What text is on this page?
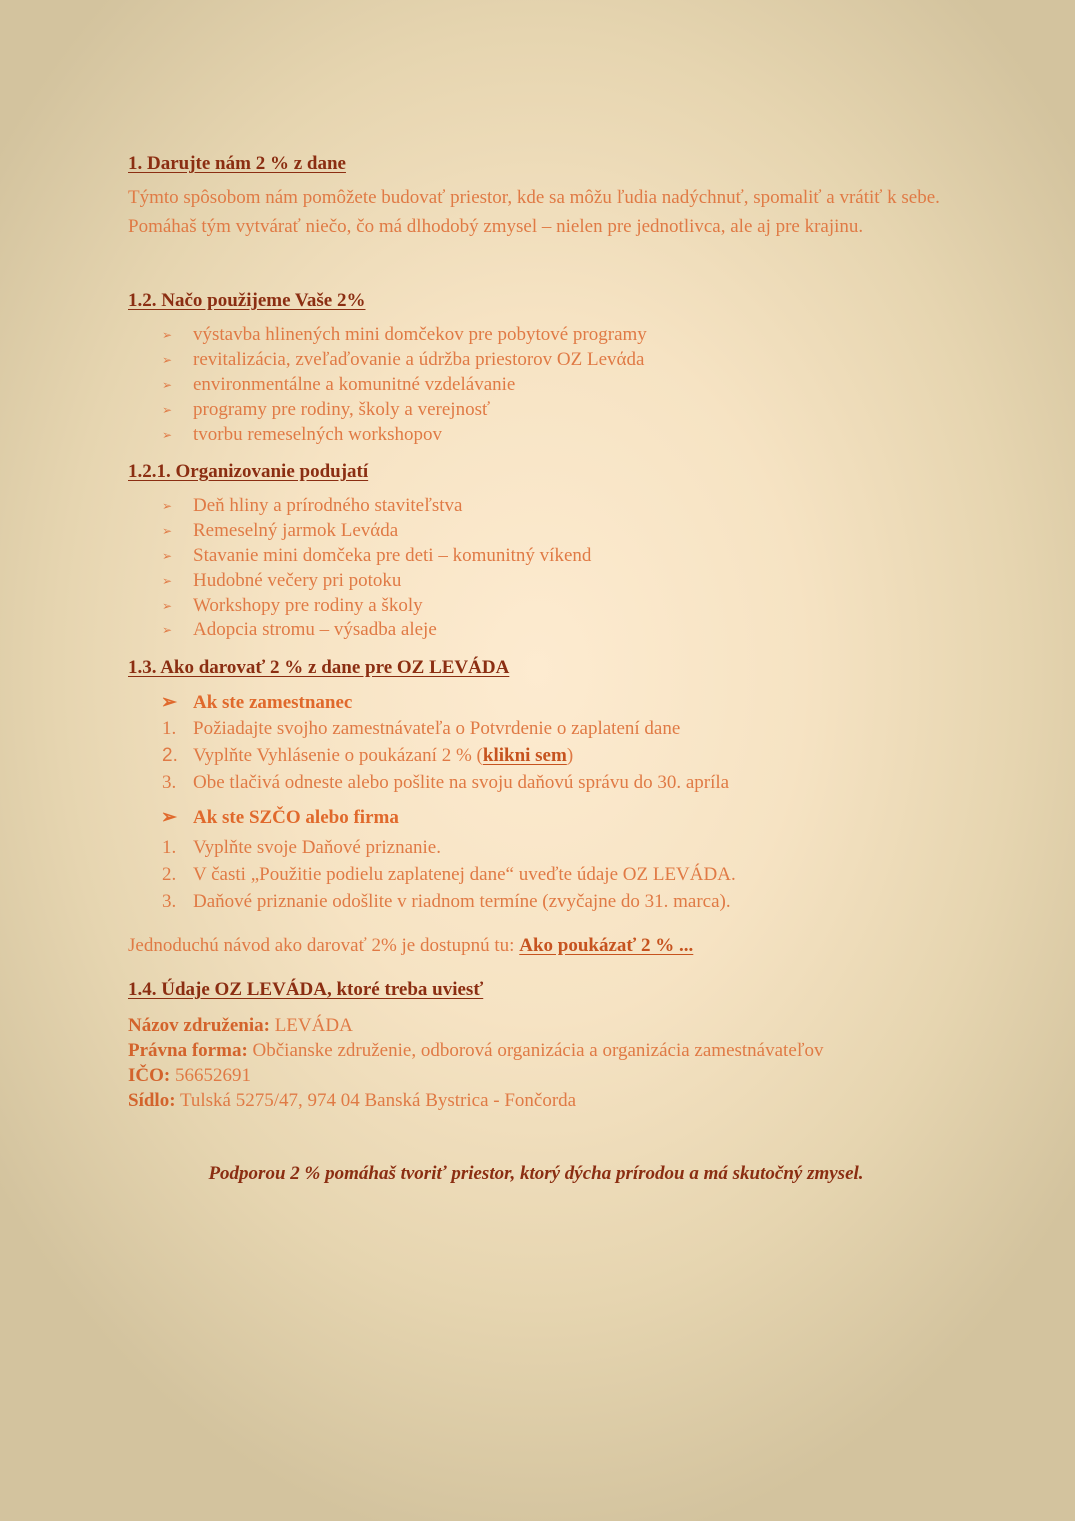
1. Darujte nám 2 % z dane

Týmto spôsobom nám pomôžete budovať priestor, kde sa môžu ľudia nadýchnuť, spomaliť a vrátiť k sebe. Pomáhaš tým vytvárať niečo, čo má dlhodobý zmysel – nielen pre jednotlivca, ale aj pre krajinu.

1.2. Načo použijeme Vaše 2%
➢ výstavba hlinených mini domčekov pre pobytové programy
➢ revitalizácia, zveľaďovanie a údržba priestorov OZ Levάda
➢ environmentálne a komunitné vzdelávanie
➢ programy pre rodiny, školy a verejnosť
➢ tvorbu remeselných workshopov
1.2.1. Organizovanie podujatí
➢ Deň hliny a prírodného staviteľstva
➢ Remeselný jarmok Levάda
➢ Stavanie mini domčeka pre deti – komunitný víkend
➢ Hudobné večery pri potoku
➢ Workshopy pre rodiny a školy
➢ Adopcia stromu – výsadba aleje
1.3. Ako darovať 2 % z dane pre OZ LEVÁDA
➢ Ak ste zamestnanec
1. Požiadajte svojho zamestnávateľa o Potvrdenie o zaplatení dane
2. Vyplňte Vyhlásenie o poukázaní 2 % (klikni sem)
3. Obe tlačivá odneste alebo pošlite na svoju daňovú správu do 30. apríla
➢ Ak ste SZČO alebo firma
1. Vyplňte svoje Daňové priznanie.
2. V časti „Použitie podielu zaplatenej dane“ uveďte údaje OZ LEVÁDA.
3. Daňové priznanie odošlite v riadnom termíne (zvyčajne do 31. marca).

Jednoduchú návod ako darovať 2% je dostupnú tu: Ako poukázať 2 % ...

1.4. Údaje OZ LEVÁDA, ktoré treba uviesť
Názov združenia: LEVÁDA
Právna forma: Občianske združenie, odborová organizácia a organizácia zamestnávateľov
IČO: 56652691
Sídlo: Tulská 5275/47, 974 04 Banská Bystrica - Fončorda
Podporou 2 % pomáhaš tvoriť priestor, ktorý dýcha prírodou a má skutočný zmysel.
